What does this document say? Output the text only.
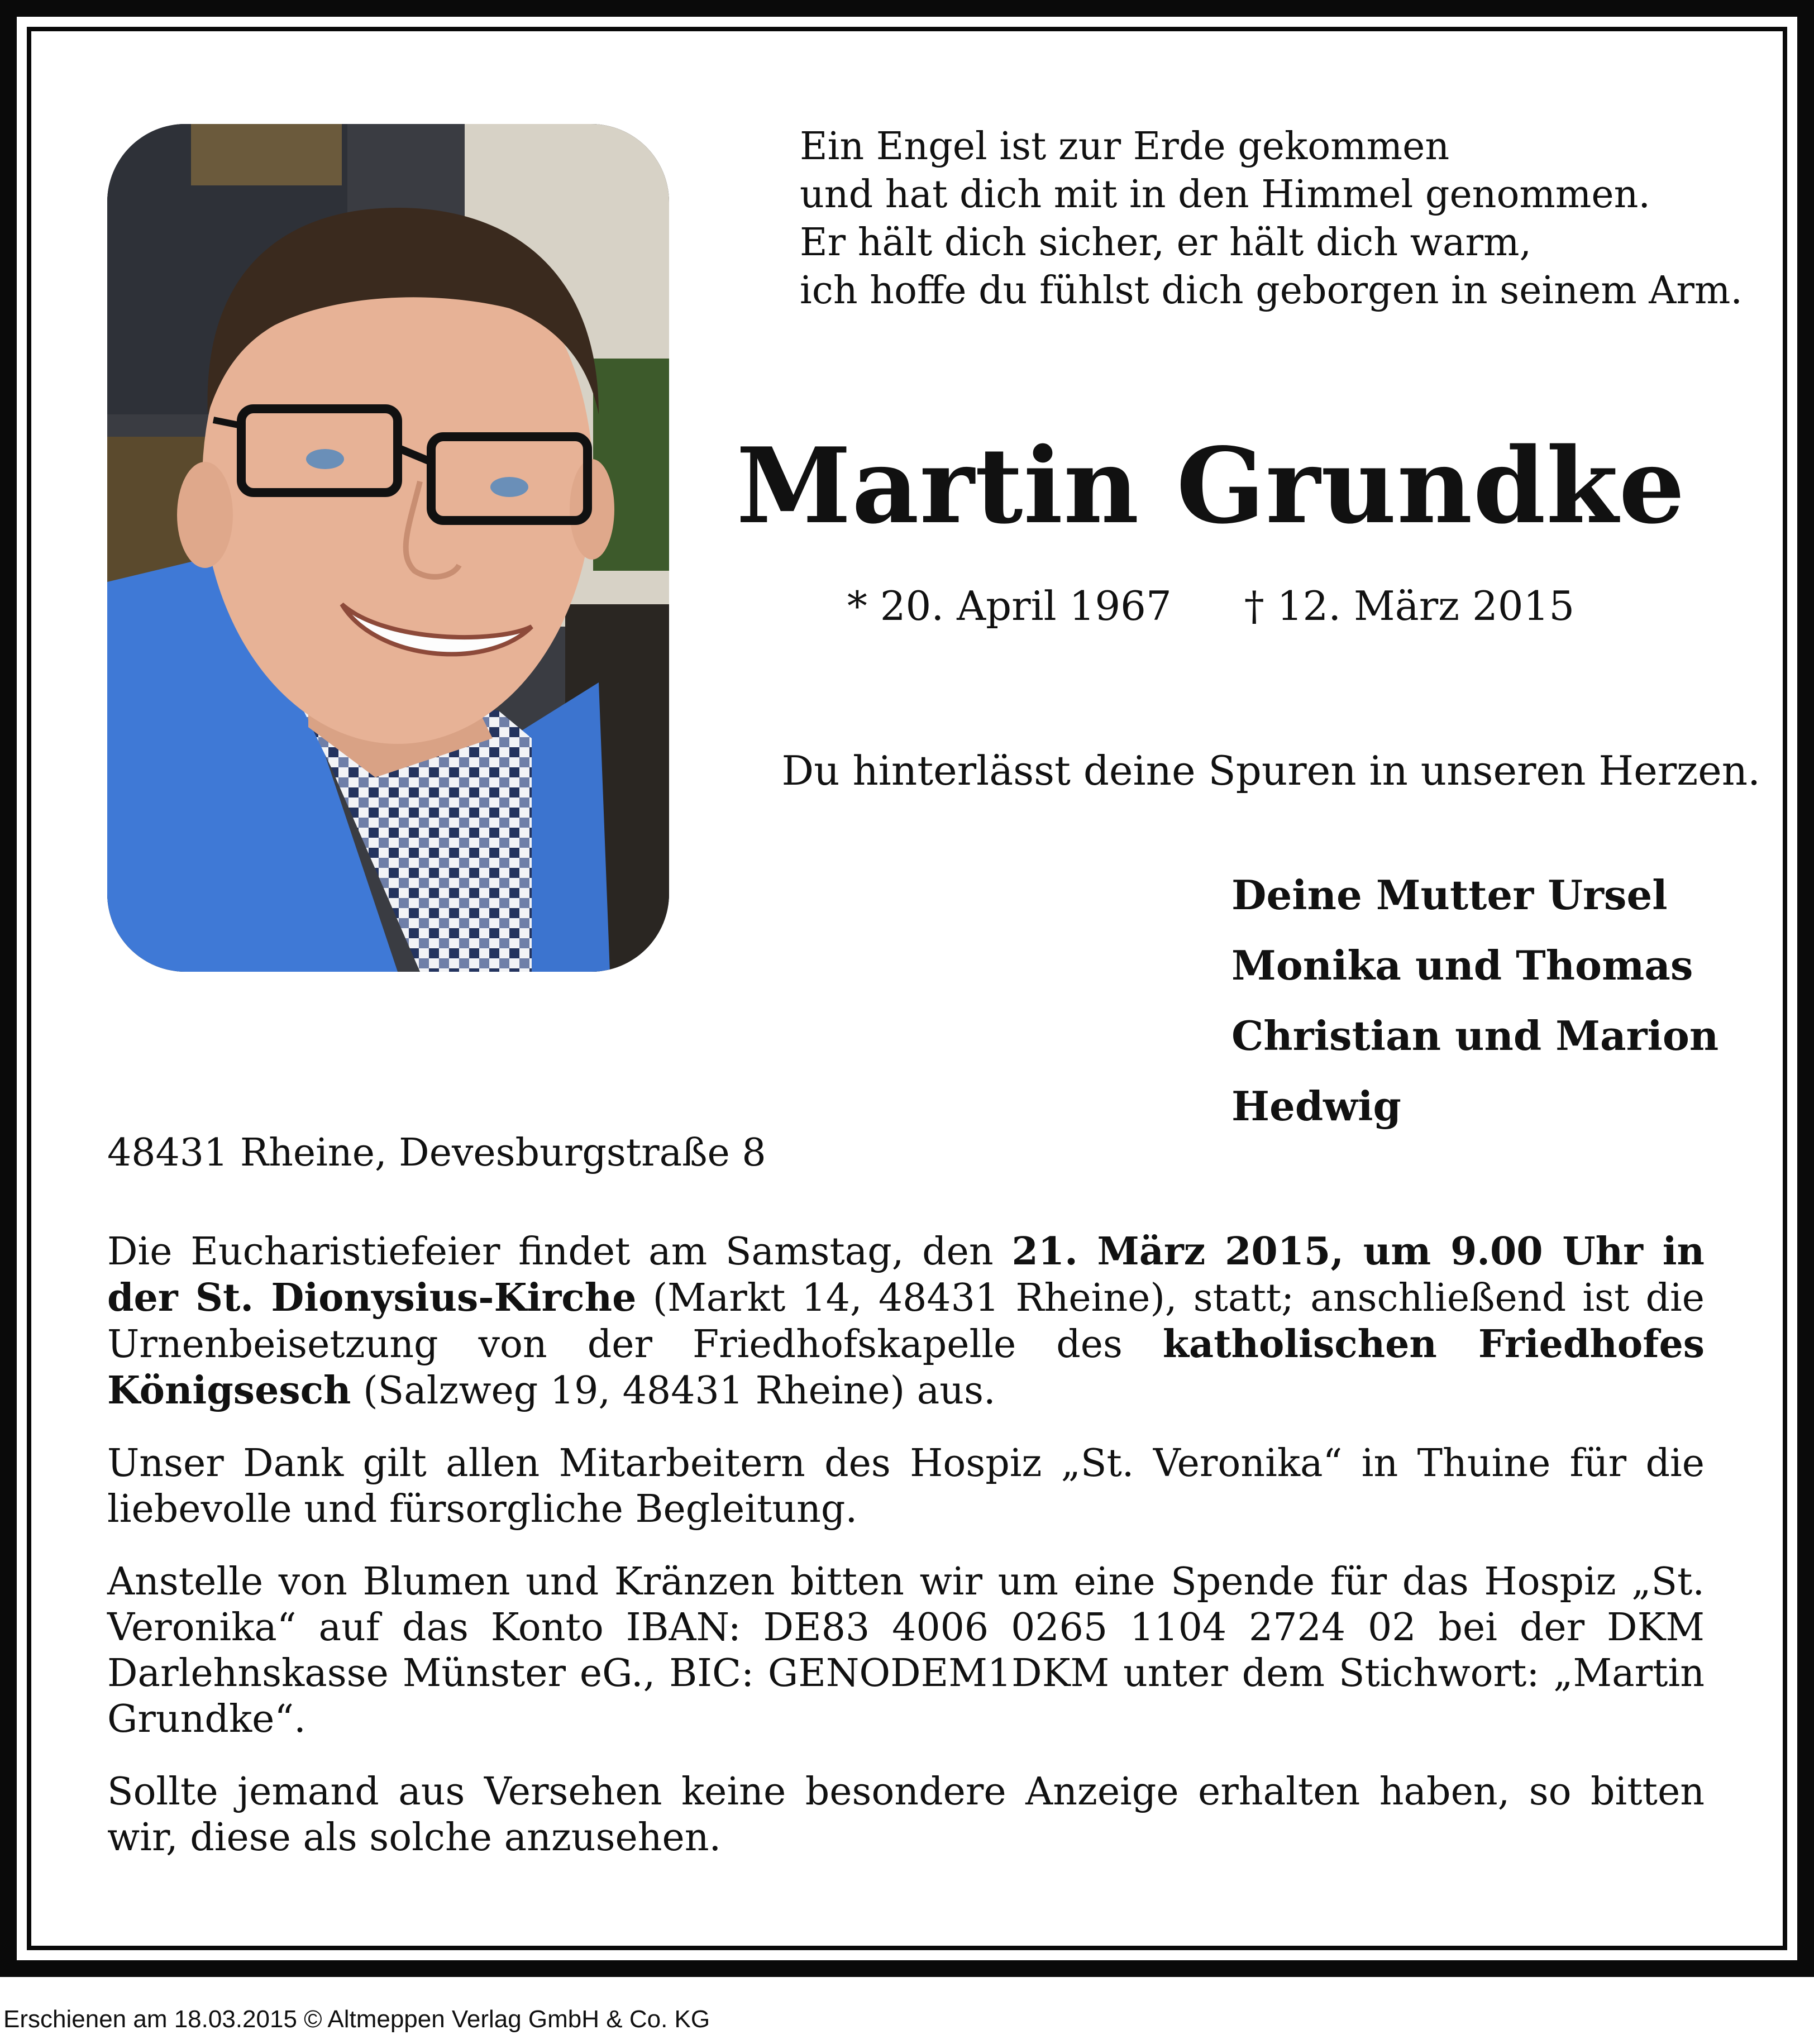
Ein Engel ist zur Erde gekommen
und hat dich mit in den Himmel genommen.
Er hält dich sicher, er hält dich warm,
ich hoffe du fühlst dich geborgen in seinem Arm.
Martin Grundke
* 20. April 1967 † 12. März 2015
Du hinterlässt deine Spuren in unseren Herzen.
Deine Mutter Ursel
Monika und Thomas
Christian und Marion
Hedwig
48431 Rheine, Devesburgstraße 8

Die Eucharistiefeier findet am Samstag, den 21. März 2015, um 9.00 Uhr in der St. Dionysius-Kirche (Markt 14, 48431 Rheine), statt; anschließend ist die Urnenbeisetzung von der Friedhofskapelle des katholischen Friedhofes Königsesch (Salzweg 19, 48431 Rheine) aus.

Unser Dank gilt allen Mitarbeitern des Hospiz „St. Veronika“ in Thuine für die liebevolle und fürsorgliche Begleitung.

Anstelle von Blumen und Kränzen bitten wir um eine Spende für das Hospiz „St. Veronika“ auf das Konto IBAN: DE83 4006 0265 1104 2724 02 bei der DKM Darlehnskasse Münster eG., BIC: GENODEM1DKM unter dem Stichwort: „Martin Grundke“.

Sollte jemand aus Versehen keine besondere Anzeige erhalten haben, so bitten wir, diese als solche anzusehen.

Erschienen am 18.03.2015 © Altmeppen Verlag GmbH & Co. KG
